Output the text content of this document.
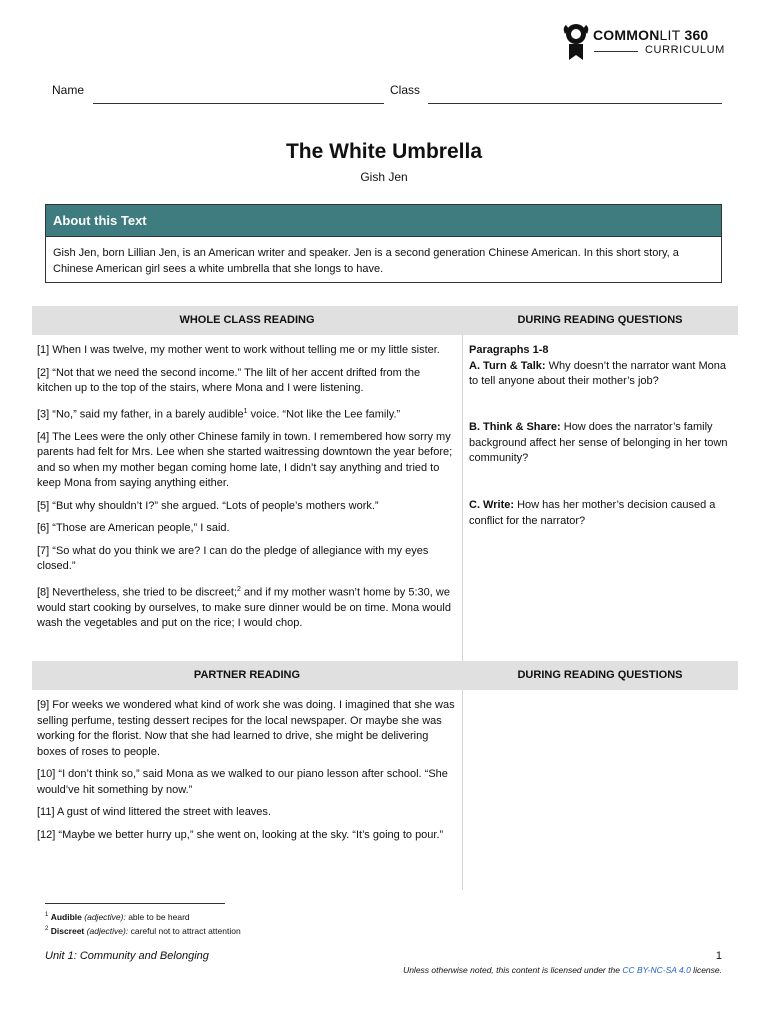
COMMONLIT 360
CURRICULUM
Name	Class
The White Umbrella
Gish Jen
About this Text
Gish Jen, born Lillian Jen, is an American writer and speaker. Jen is a second generation Chinese American. In this short story, a Chinese American girl sees a white umbrella that she longs to have.
WHOLE CLASS READING	DURING READING QUESTIONS

[1] When I was twelve, my mother went to work without telling me or my little sister.

[2] “Not that we need the second income.” The lilt of her accent drifted from the kitchen up to the top of the stairs, where Mona and I were listening.

[3] “No,” said my father, in a barely audible$^1$ voice. “Not like the Lee family.”

[4] The Lees were the only other Chinese family in town. I remembered how sorry my parents had felt for Mrs. Lee when she started waitressing downtown the year before; and so when my mother began coming home late, I didn’t say anything and tried to keep Mona from saying anything either.

[5] “But why shouldn’t I?” she argued. “Lots of people’s mothers work.”

[6] “Those are American people,” I said.

[7] “So what do you think we are? I can do the pledge of allegiance with my eyes closed.”

[8] Nevertheless, she tried to be discreet;$^2$ and if my mother wasn’t home by 5:30, we would start cooking by ourselves, to make sure dinner would be on time. Mona would wash the vegetables and put on the rice; I would chop.

Paragraphs 1-8

A. Turn & Talk: Why doesn’t the narrator want Mona to tell anyone about their mother’s job?

B. Think & Share: How does the narrator’s family background affect her sense of belonging in her town community?

C. Write: How has her mother’s decision caused a conflict for the narrator?

PARTNER READING	DURING READING QUESTIONS

[9] For weeks we wondered what kind of work she was doing. I imagined that she was selling perfume, testing dessert recipes for the local newspaper. Or maybe she was working for the florist. Now that she had learned to drive, she might be delivering boxes of roses to people.

[10] “I don’t think so,” said Mona as we walked to our piano lesson after school. “She would’ve hit something by now.”

[11] A gust of wind littered the street with leaves.

[12] “Maybe we better hurry up,” she went on, looking at the sky. “It’s going to pour.”

$^1$ Audible (adjective): able to be heard
$^2$ Discreet (adjective): careful not to attract attention
Unit 1: Community and Belonging	1
Unless otherwise noted, this content is licensed under the CC BY-NC-SA 4.0 license.
